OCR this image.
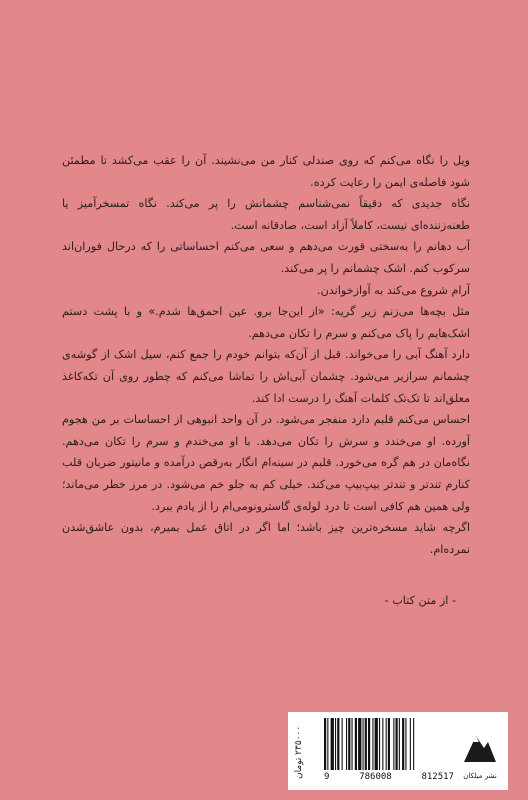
ویل را نگاه می‌کنم که روی صندلی کنار من می‌نشیند. آن را عقب می‌کشد تا مطمئن شود فاصله‌ی ایمن را رعایت کرده.

نگاه جدیدی که دقیقاً نمی‌شناسم چشمانش را پر می‌کند. نگاه تمسخرآمیز یا طعنه‌زننده‌ای نیست، کاملاً آزاد است، صادقانه است.

آب دهانم را به‌سختی قورت می‌دهم و سعی می‌کنم احساساتی را که درحال فوران‌اند سرکوب کنم. اشک چشمانم را پر می‌کند.

آرام شروع می‌کند به آواز‌خواندن.

مثل بچه‌ها می‌زنم زیر گریه: «از این‌جا برو. عین احمق‌ها شدم.» و با پشت دستم اشک‌هایم را پاک می‌کنم و سرم را تکان می‌دهم.

دارد آهنگ آبی را می‌خواند. قبل از آن‌که بتوانم خودم را جمع کنم، سیل اشک از گوشه‌ی چشمانم سرازیر می‌شود. چشمان آبی‌اش را تماشا می‌کنم که چطور روی آن تکه‌کاغذ معلق‌اند تا تک‌تک کلمات آهنگ را درست ادا کند.

احساس می‌کنم قلبم دارد منفجر می‌شود. در آن واحد انبوهی از احساسات بر من هجوم آورده. او می‌خندد و سرش را تکان می‌دهد. با او می‌خندم و سرم را تکان می‌دهم. نگاه‌مان در هم گره می‌خورد. قلبم در سینه‌ام انگار به‌رقص درآمده و مانیتور ضربان قلب کنارم تندتر و تندتر بیپ‌بیپ می‌کند. خیلی کم به جلو خم می‌شود. در مرز خطر می‌ماند؛ ولی همین هم کافی است تا درد لوله‌ی گاسترونومی‌ام را از یادم ببرد.

اگرچه شاید مسخره‌ترین چیز باشد؛ اما اگر در اتاق عمل بمیرم، بدون عاشق‌شدن نمرده‌ام.

- از متن کتاب -
۲۳۵۰۰۰ تومان
9	786008	812517	نشر میلکان
